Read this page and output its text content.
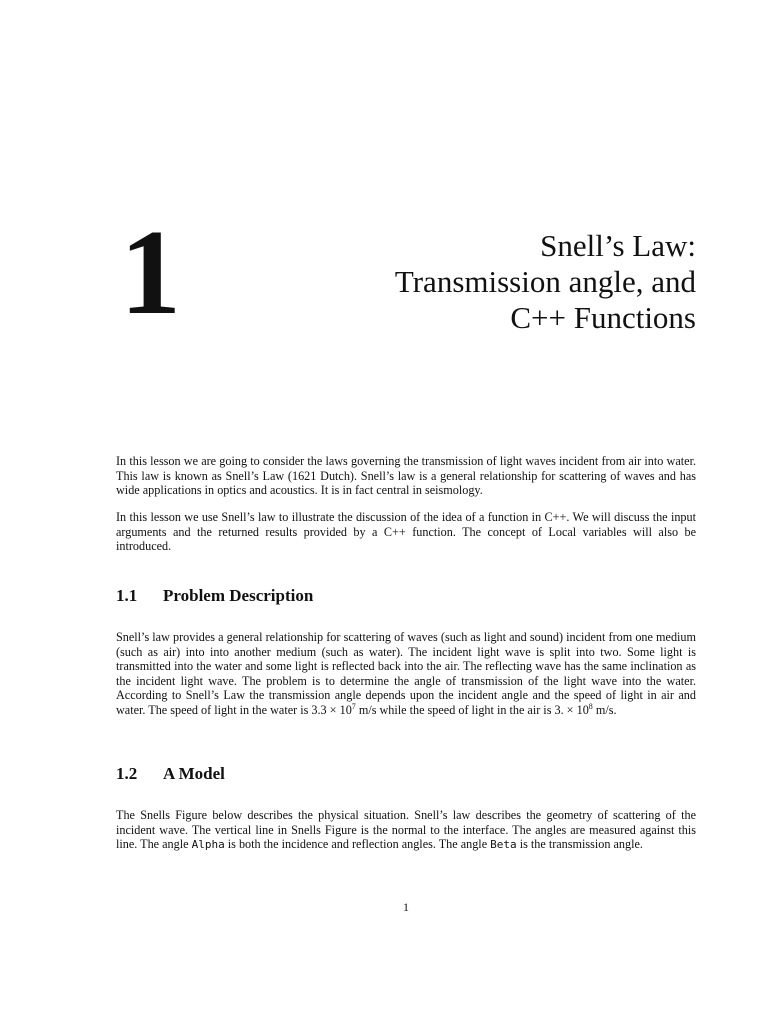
1	Snell’s Law:
Transmission angle, and
C++ Functions

In this lesson we are going to consider the laws governing the transmission of light waves incident from air into water. This law is known as Snell’s Law (1621 Dutch). Snell’s law is a general relationship for scattering of waves and has wide applications in optics and acoustics. It is in fact central in seismology.

In this lesson we use Snell’s law to illustrate the discussion of the idea of a function in C++. We will discuss the input arguments and the returned results provided by a C++ function. The concept of Local variables will also be introduced.

1.1 Problem Description

Snell’s law provides a general relationship for scattering of waves (such as light and sound) incident from one medium (such as air) into into another medium (such as water). The incident light wave is split into two. Some light is transmitted into the water and some light is reflected back into the air. The reflecting wave has the same inclination as the incident light wave. The problem is to determine the angle of transmission of the light wave into the water. According to Snell’s Law the transmission angle depends upon the incident angle and the speed of light in air and water. The speed of light in the water is $3.3 \times 10^7$ m/s while the speed of light in the air is 3. × $10^8$ m/s.

1.2 A Model

The Snells Figure below describes the physical situation. Snell’s law describes the geometry of scattering of the incident wave. The vertical line in Snells Figure is the normal to the interface. The angles are measured against this line. The angle Alpha is both the incidence and reflection angles. The angle Beta is the transmission angle.

1
